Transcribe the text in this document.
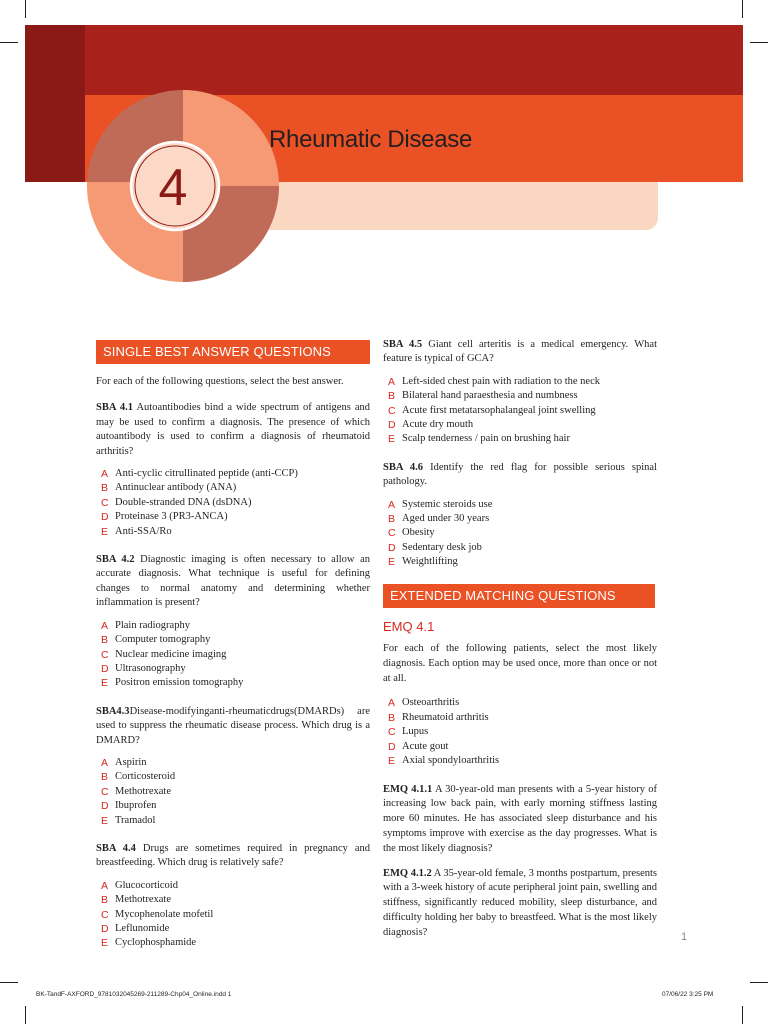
4
Rheumatic Disease
SINGLE BEST ANSWER QUESTIONS

For each of the following questions, select the best answer.

SBA 4.1 Autoantibodies bind a wide spectrum of antigens and may be used to confirm a diagnosis. The presence of which autoantibody is used to confirm a diagnosis of rheumatoid arthritis?

A Anti-cyclic citrullinated peptide (anti-CCP)
B Antinuclear antibody (ANA)
C Double-stranded DNA (dsDNA)
D Proteinase 3 (PR3-ANCA)
E Anti-SSA/Ro

SBA 4.2 Diagnostic imaging is often necessary to allow an accurate diagnosis. What technique is useful for defining changes to normal anatomy and determining whether inflammation is present?

A Plain radiography
B Computer tomography
C Nuclear medicine imaging
D Ultrasonography
E Positron emission tomography

SBA4.3Disease-modifyinganti-rheumaticdrugs(DMARDs) are used to suppress the rheumatic disease process. Which drug is a DMARD?

A Aspirin
B Corticosteroid
C Methotrexate
D Ibuprofen
E Tramadol

SBA 4.4 Drugs are sometimes required in pregnancy and breastfeeding. Which drug is relatively safe?

A Glucocorticoid
B Methotrexate
C Mycophenolate mofetil
D Leflunomide
E Cyclophosphamide

SBA 4.5 Giant cell arteritis is a medical emergency. What feature is typical of GCA?

A Left-sided chest pain with radiation to the neck
B Bilateral hand paraesthesia and numbness
C Acute first metatarsophalangeal joint swelling
D Acute dry mouth
E Scalp tenderness / pain on brushing hair

SBA 4.6 Identify the red flag for possible serious spinal pathology.

A Systemic steroids use
B Aged under 30 years
C Obesity
D Sedentary desk job
E Weightlifting
EXTENDED MATCHING QUESTIONS
EMQ 4.1

For each of the following patients, select the most likely diagnosis. Each option may be used once, more than once or not at all.

A Osteoarthritis
B Rheumatoid arthritis
C Lupus
D Acute gout
E Axial spondyloarthritis

EMQ 4.1.1 A 30-year-old man presents with a 5-year history of increasing low back pain, with early morning stiffness lasting more 60 minutes. He has associated sleep disturbance and his symptoms improve with exercise as the day progresses. What is the most likely diagnosis?

EMQ 4.1.2 A 35-year-old female, 3 months postpartum, presents with a 3-week history of acute peripheral joint pain, swelling and stiffness, significantly reduced mobility, sleep disturbance, and difficulty holding her baby to breastfeed. What is the most likely diagnosis?	1
BK-TandF-AXFORD_9781032045269-211289-Chp04_Online.indd 1	07/06/22 3:25 PM
